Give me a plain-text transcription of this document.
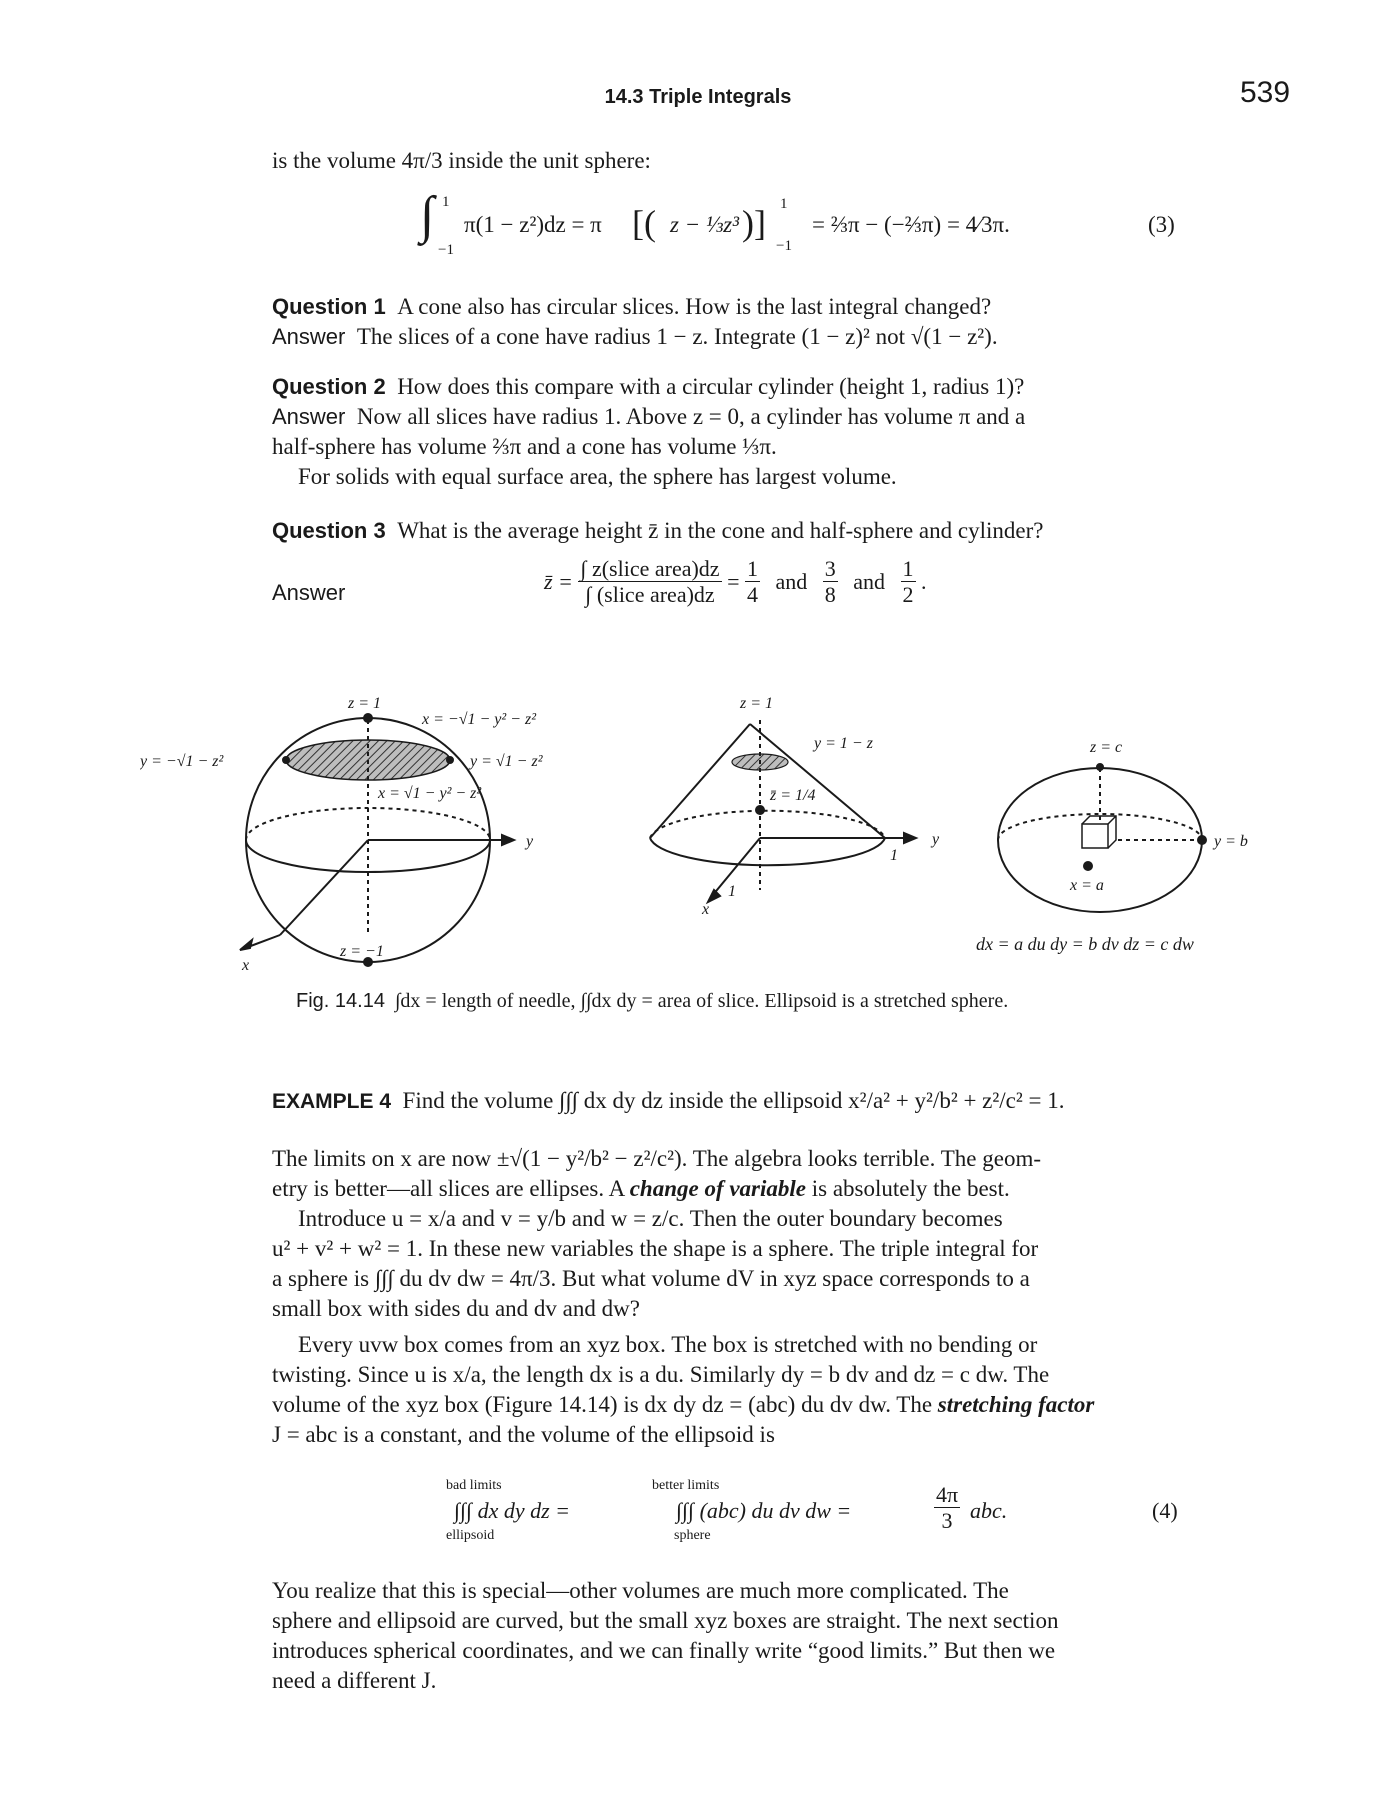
14.3 Triple Integrals	539
is the volume 4π/3 inside the unit sphere:
∫ 1
−1
π(1 − z²)dz = π [( z − ⅓z³ )] 1
−1
= ⅔π − (−⅔π) = 4⁄3π.	(3)
Question 1 A cone also has circular slices. How is the last integral changed?
Answer The slices of a cone have radius 1 − z. Integrate (1 − z)² not √(1 − z²).
Question 2 How does this compare with a circular cylinder (height 1, radius 1)?
Answer Now all slices have radius 1. Above z = 0, a cylinder has volume π and a
half-sphere has volume ⅔π and a cone has volume ⅓π.
For solids with equal surface area, the sphere has largest volume.
Question 3 What is the average height z̄ in the cone and half-sphere and cylinder?
Answer	z̄ = $\frac{\text{∫ z(slice area)dz}}{\text{∫ (slice area)dz}} = \frac{1}{4}$ and $\frac{3}{8}$ and $\frac{1}{2}$ .
z = 1
z = −1
y = −√1 − z²
x = −√1 − y² − z²
y = √1 − z²
x = √1 − y² − z²
y
x
z = 1
y = 1 − z
z̄ = 1/4
y
x
1
1
z = c
y = b
x = a
dx = a du dy = b dv dz = c dw
Fig. 14.14 ∫dx = length of needle, ∫∫dx dy = area of slice. Ellipsoid is a stretched sphere.
EXAMPLE 4 Find the volume ∫∫∫ dx dy dz inside the ellipsoid x²/a² + y²/b² + z²/c² = 1.
The limits on x are now ±√(1 − y²/b² − z²/c²). The algebra looks terrible. The geom-
etry is better—all slices are ellipses. A change of variable is absolutely the best.
Introduce u = x/a and v = y/b and w = z/c. Then the outer boundary becomes
u² + v² + w² = 1. In these new variables the shape is a sphere. The triple integral for
a sphere is ∫∫∫ du dv dw = 4π/3. But what volume dV in xyz space corresponds to a
small box with sides du and dv and dw?
Every uvw box comes from an xyz box. The box is stretched with no bending or
twisting. Since u is x/a, the length dx is a du. Similarly dy = b dv and dz = c dw. The
volume of the xyz box (Figure 14.14) is dx dy dz = (abc) du dv dw. The stretching factor
J = abc is a constant, and the volume of the ellipsoid is
bad limits
ellipsoid
∫∫∫ dx dy dz =
better limits
sphere
∫∫∫ (abc) du dv dw =	$\frac{4\pi}{3}$ abc.	(4)
You realize that this is special—other volumes are much more complicated. The
sphere and ellipsoid are curved, but the small xyz boxes are straight. The next section
introduces spherical coordinates, and we can finally write “good limits.” But then we
need a different J.
